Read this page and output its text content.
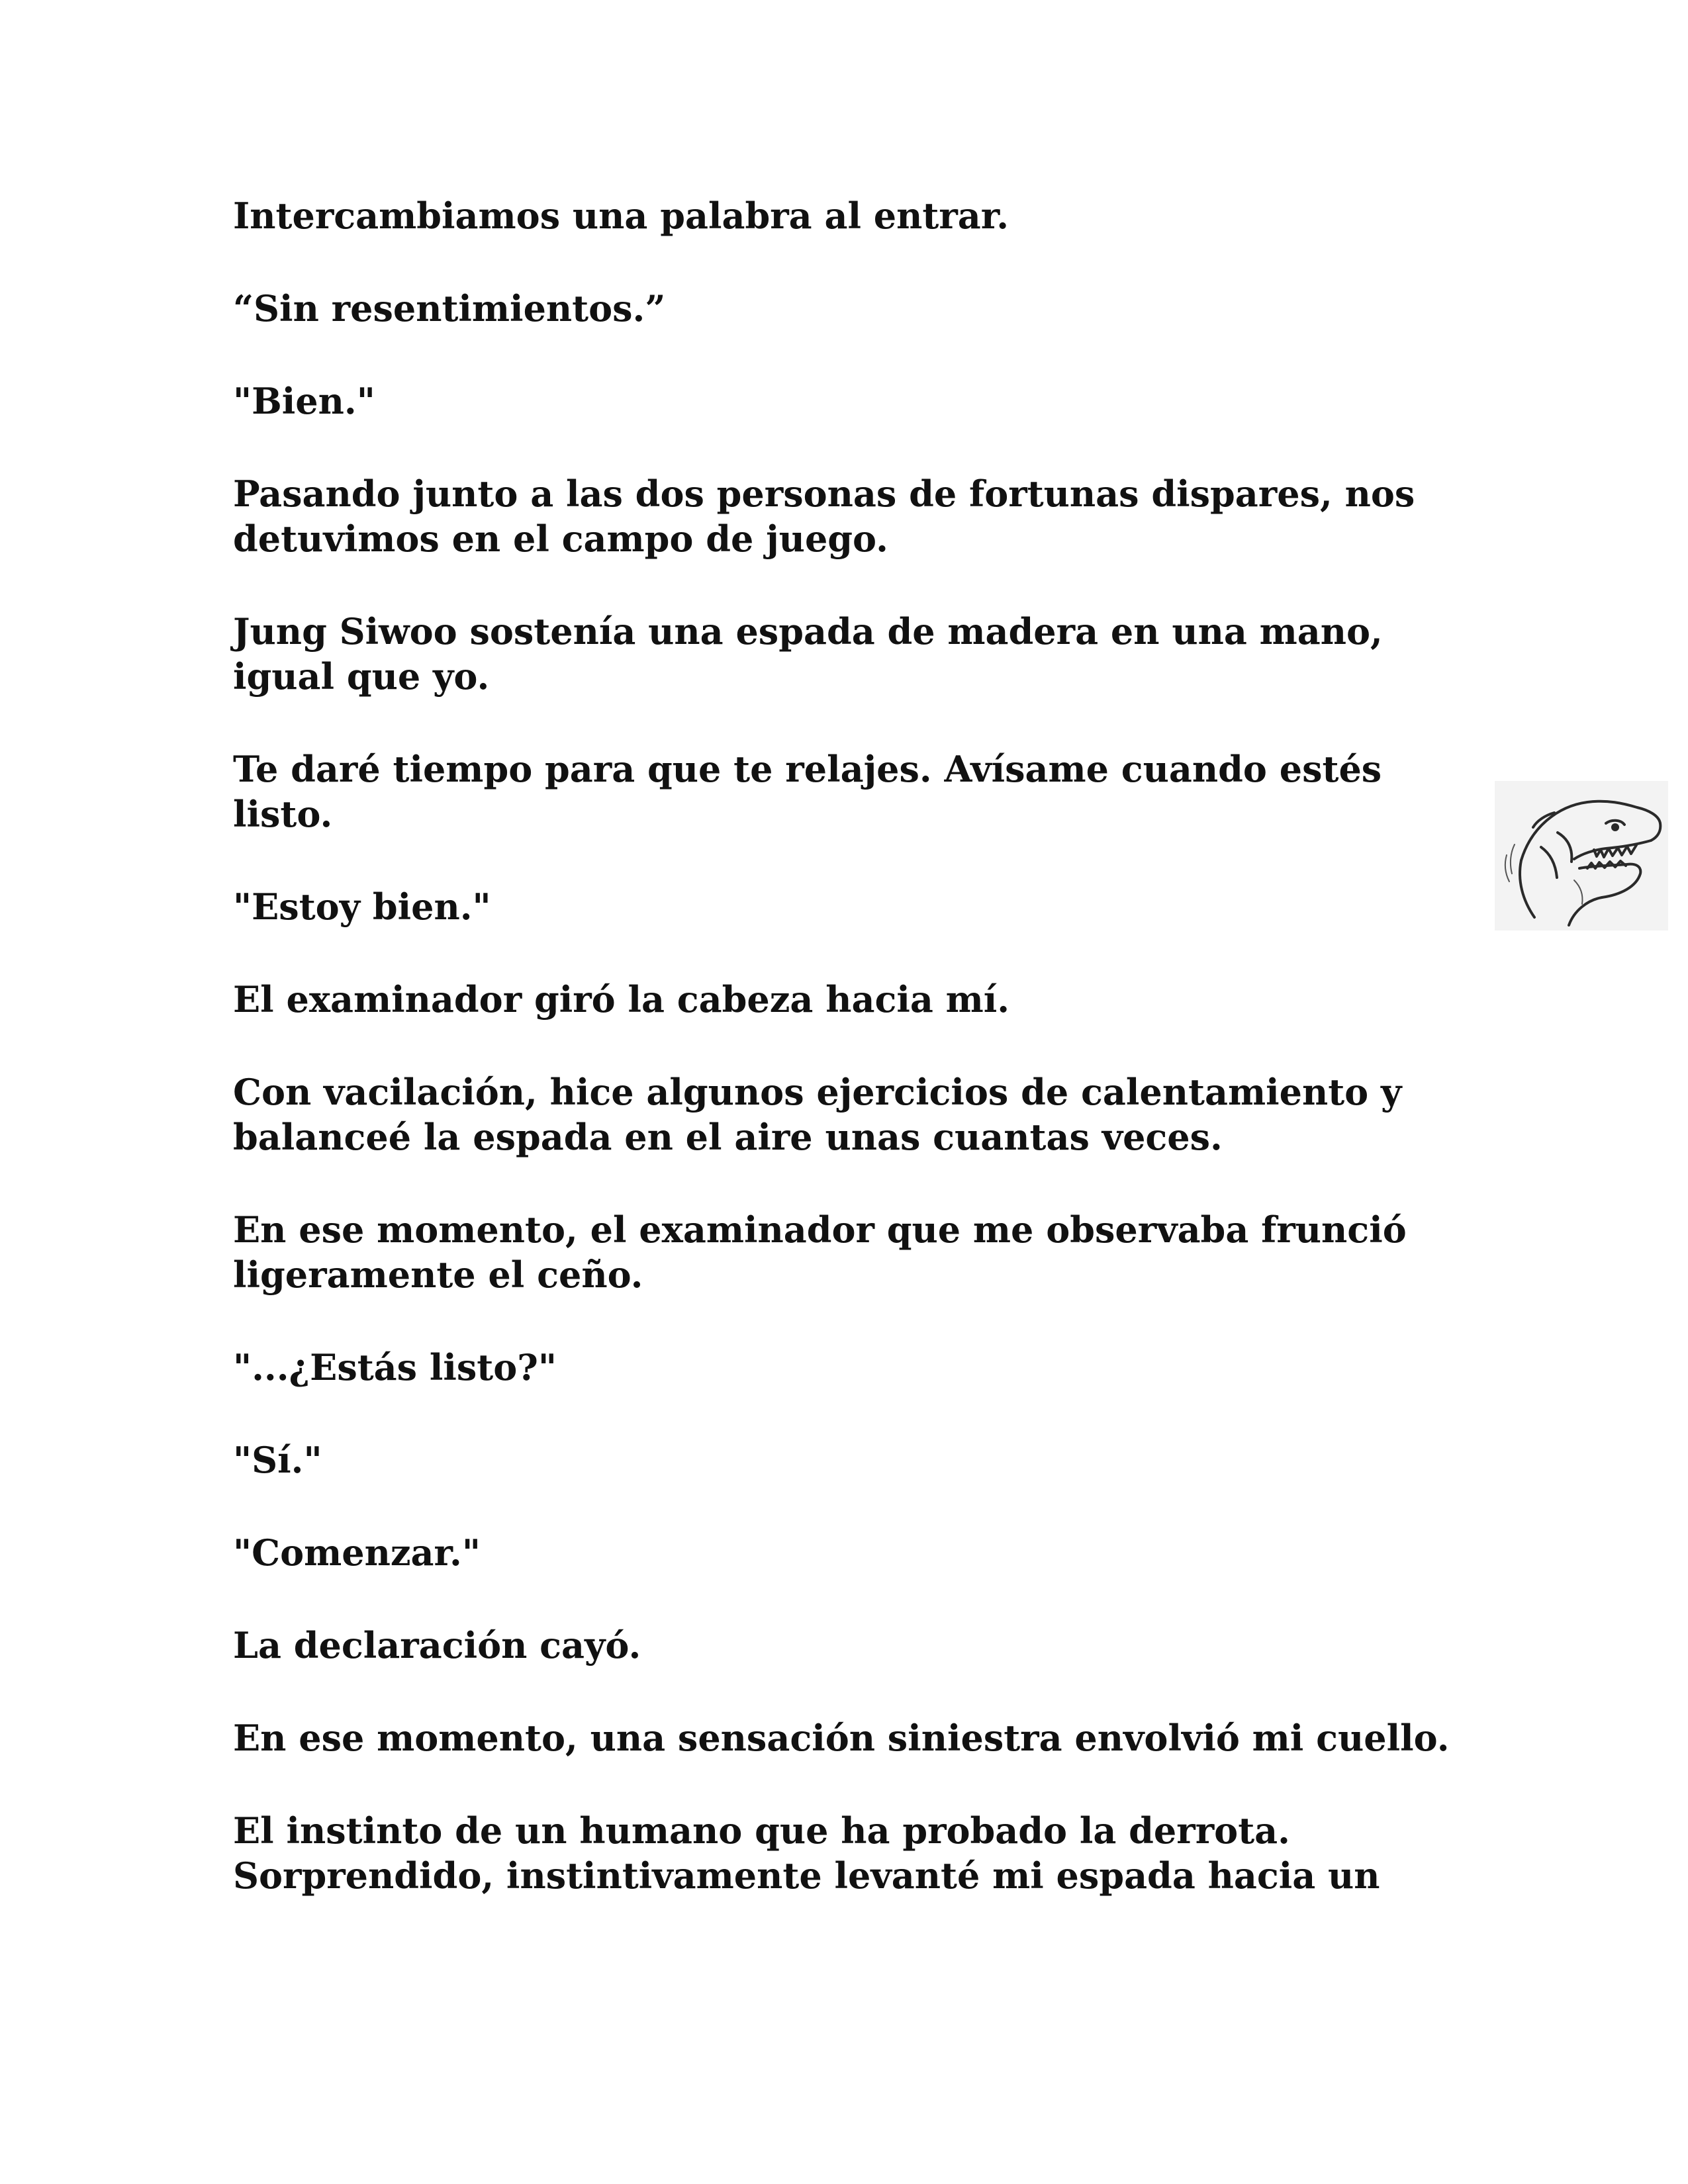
Intercambiamos una palabra al entrar.

“Sin resentimientos.”

"Bien."

Pasando junto a las dos personas de fortunas dispares, nos
detuvimos en el campo de juego.

Jung Siwoo sostenía una espada de madera en una mano,
igual que yo.

Te daré tiempo para que te relajes. Avísame cuando estés
listo.

"Estoy bien."

El examinador giró la cabeza hacia mí.

Con vacilación, hice algunos ejercicios de calentamiento y
balanceé la espada en el aire unas cuantas veces.

En ese momento, el examinador que me observaba frunció
ligeramente el ceño.

"...¿Estás listo?"

"Sí."

"Comenzar."

La declaración cayó.

En ese momento, una sensación siniestra envolvió mi cuello.

El instinto de un humano que ha probado la derrota.
Sorprendido, instintivamente levanté mi espada hacia un
